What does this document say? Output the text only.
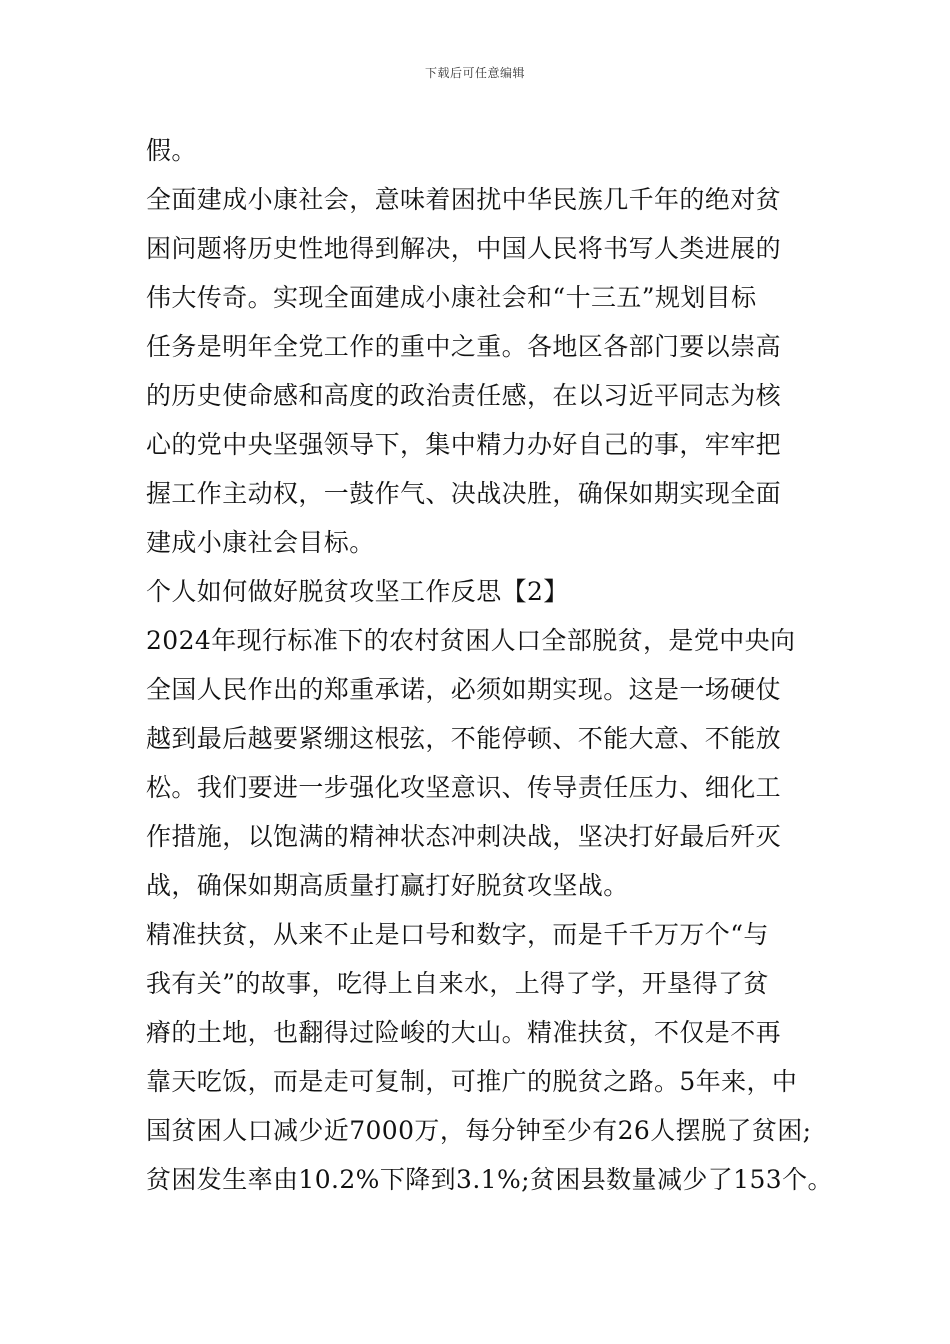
下载后可任意编辑
假。
全面建成小康社会，意味着困扰中华民族几千年的绝对贫
困问题将历史性地得到解决，中国人民将书写人类进展的
伟大传奇。实现全面建成小康社会和“十三五”规划目标
任务是明年全党工作的重中之重。各地区各部门要以崇高
的历史使命感和高度的政治责任感，在以习近平同志为核
心的党中央坚强领导下，集中精力办好自己的事，牢牢把
握工作主动权，一鼓作气、决战决胜，确保如期实现全面
建成小康社会目标。
个人如何做好脱贫攻坚工作反思【2】
2024年现行标准下的农村贫困人口全部脱贫，是党中央向
全国人民作出的郑重承诺，必须如期实现。这是一场硬仗
越到最后越要紧绷这根弦，不能停顿、不能大意、不能放
松。我们要进一步强化攻坚意识、传导责任压力、细化工
作措施，以饱满的精神状态冲刺决战，坚决打好最后歼灭
战，确保如期高质量打赢打好脱贫攻坚战。
精准扶贫，从来不止是口号和数字，而是千千万万个“与
我有关”的故事，吃得上自来水，上得了学，开垦得了贫
瘠的土地，也翻得过险峻的大山。精准扶贫，不仅是不再
靠天吃饭，而是走可复制，可推广的脱贫之路。5年来，中
国贫困人口减少近7000万，每分钟至少有26人摆脱了贫困;
贫困发生率由10.2%下降到3.1%;贫困县数量减少了153个。
